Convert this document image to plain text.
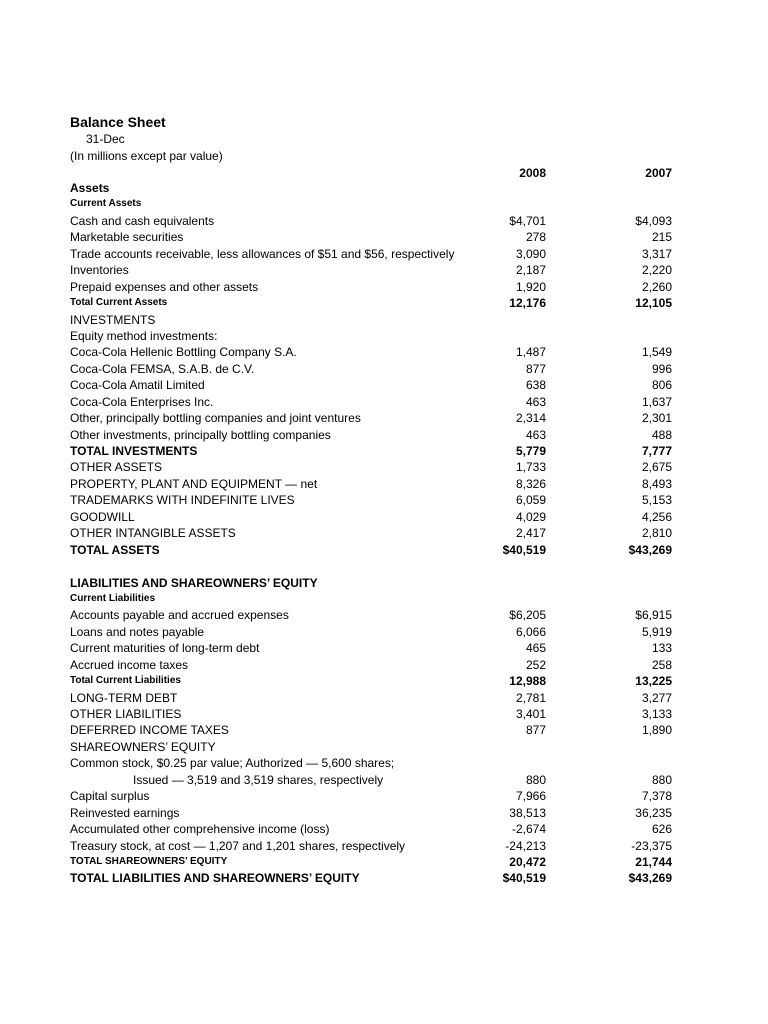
Balance Sheet
31-Dec
(In millions except par value)
2008	2007
Assets
Current Assets
Cash and cash equivalents	$4,701	$4,093
Marketable securities	278	215
Trade accounts receivable, less allowances of $51 and $56, respectively	3,090	3,317
Inventories	2,187	2,220
Prepaid expenses and other assets	1,920	2,260
Total Current Assets	12,176	12,105
INVESTMENTS
Equity method investments:
Coca-Cola Hellenic Bottling Company S.A.	1,487	1,549
Coca-Cola FEMSA, S.A.B. de C.V.	877	996
Coca-Cola Amatil Limited	638	806
Coca-Cola Enterprises Inc.	463	1,637
Other, principally bottling companies and joint ventures	2,314	2,301
Other investments, principally bottling companies	463	488
TOTAL INVESTMENTS	5,779	7,777
OTHER ASSETS	1,733	2,675
PROPERTY, PLANT AND EQUIPMENT — net	8,326	8,493
TRADEMARKS WITH INDEFINITE LIVES	6,059	5,153
GOODWILL	4,029	4,256
OTHER INTANGIBLE ASSETS	2,417	2,810
TOTAL ASSETS	$40,519	$43,269
LIABILITIES AND SHAREOWNERS’ EQUITY
Current Liabilities
Accounts payable and accrued expenses	$6,205	$6,915
Loans and notes payable	6,066	5,919
Current maturities of long-term debt	465	133
Accrued income taxes	252	258
Total Current Liabilities	12,988	13,225
LONG-TERM DEBT	2,781	3,277
OTHER LIABILITIES	3,401	3,133
DEFERRED INCOME TAXES	877	1,890
SHAREOWNERS’ EQUITY
Common stock, $0.25 par value; Authorized — 5,600 shares;
Issued — 3,519 and 3,519 shares, respectively	880	880
Capital surplus	7,966	7,378
Reinvested earnings	38,513	36,235
Accumulated other comprehensive income (loss)	-2,674	626
Treasury stock, at cost — 1,207 and 1,201 shares, respectively	-24,213	-23,375
TOTAL SHAREOWNERS’ EQUITY	20,472	21,744
TOTAL LIABILITIES AND SHAREOWNERS’ EQUITY	$40,519	$43,269
